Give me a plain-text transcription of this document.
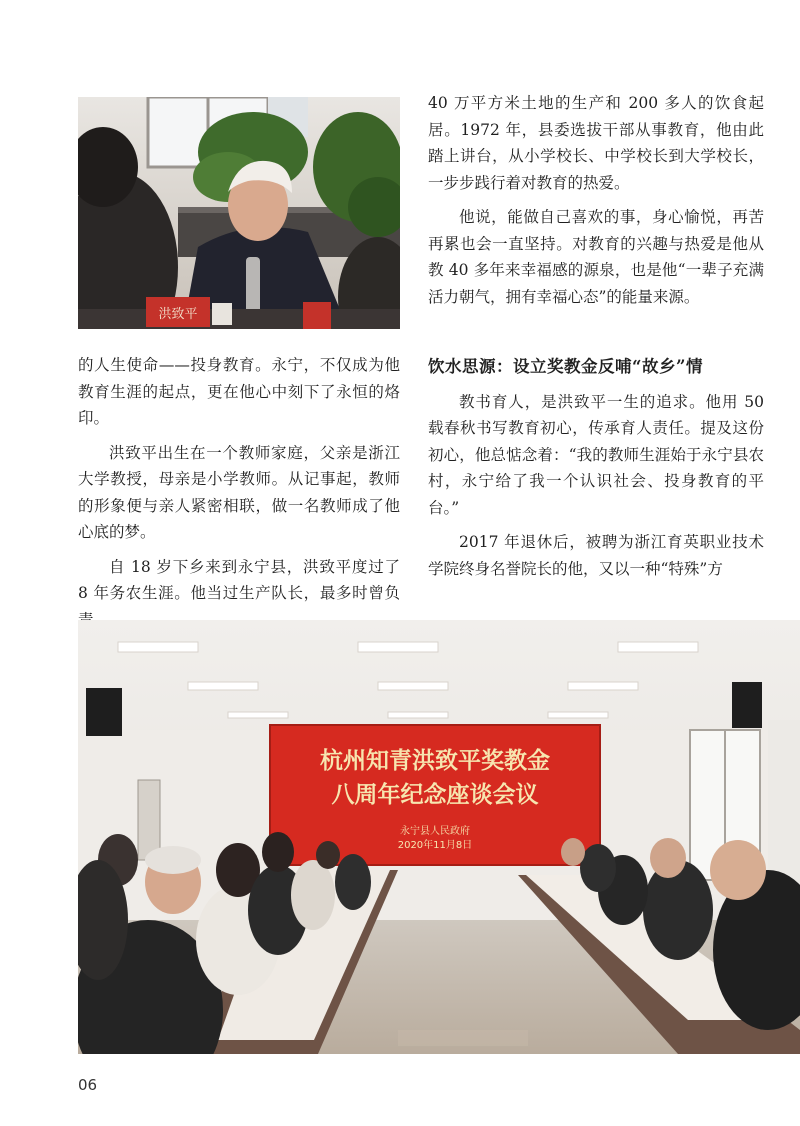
洪致平

40 万平方米土地的生产和 200 多人的饮食起居。1972 年，县委选拔干部从事教育，他由此踏上讲台，从小学校长、中学校长到大学校长，一步步践行着对教育的热爱。

他说，能做自己喜欢的事，身心愉悦，再苦再累也会一直坚持。对教育的兴趣与热爱是他从教 40 多年来幸福感的源泉，也是他“一辈子充满活力朝气，拥有幸福心态”的能量来源。

的人生使命——投身教育。永宁，不仅成为他教育生涯的起点，更在他心中刻下了永恒的烙印。

洪致平出生在一个教师家庭，父亲是浙江大学教授，母亲是小学教师。从记事起，教师的形象便与亲人紧密相联，做一名教师成了他心底的梦。

自 18 岁下乡来到永宁县，洪致平度过了 8 年务农生涯。他当过生产队长，最多时曾负

饮水思源：设立奖教金反哺“故乡”情

教书育人，是洪致平一生的追求。他用 50 载春秋书写教育初心，传承育人责任。提及这份初心，他总惦念着：“我的教师生涯始于永宁县农村，永宁给了我一个认识社会、投身教育的平台。”

2017 年退休后，被聘为浙江育英职业技术学院终身名誉院长的他，又以一种“特殊”方

杭州知青洪致平奖教金
八周年纪念座谈会议
永宁县人民政府
2020年11月8日
06
